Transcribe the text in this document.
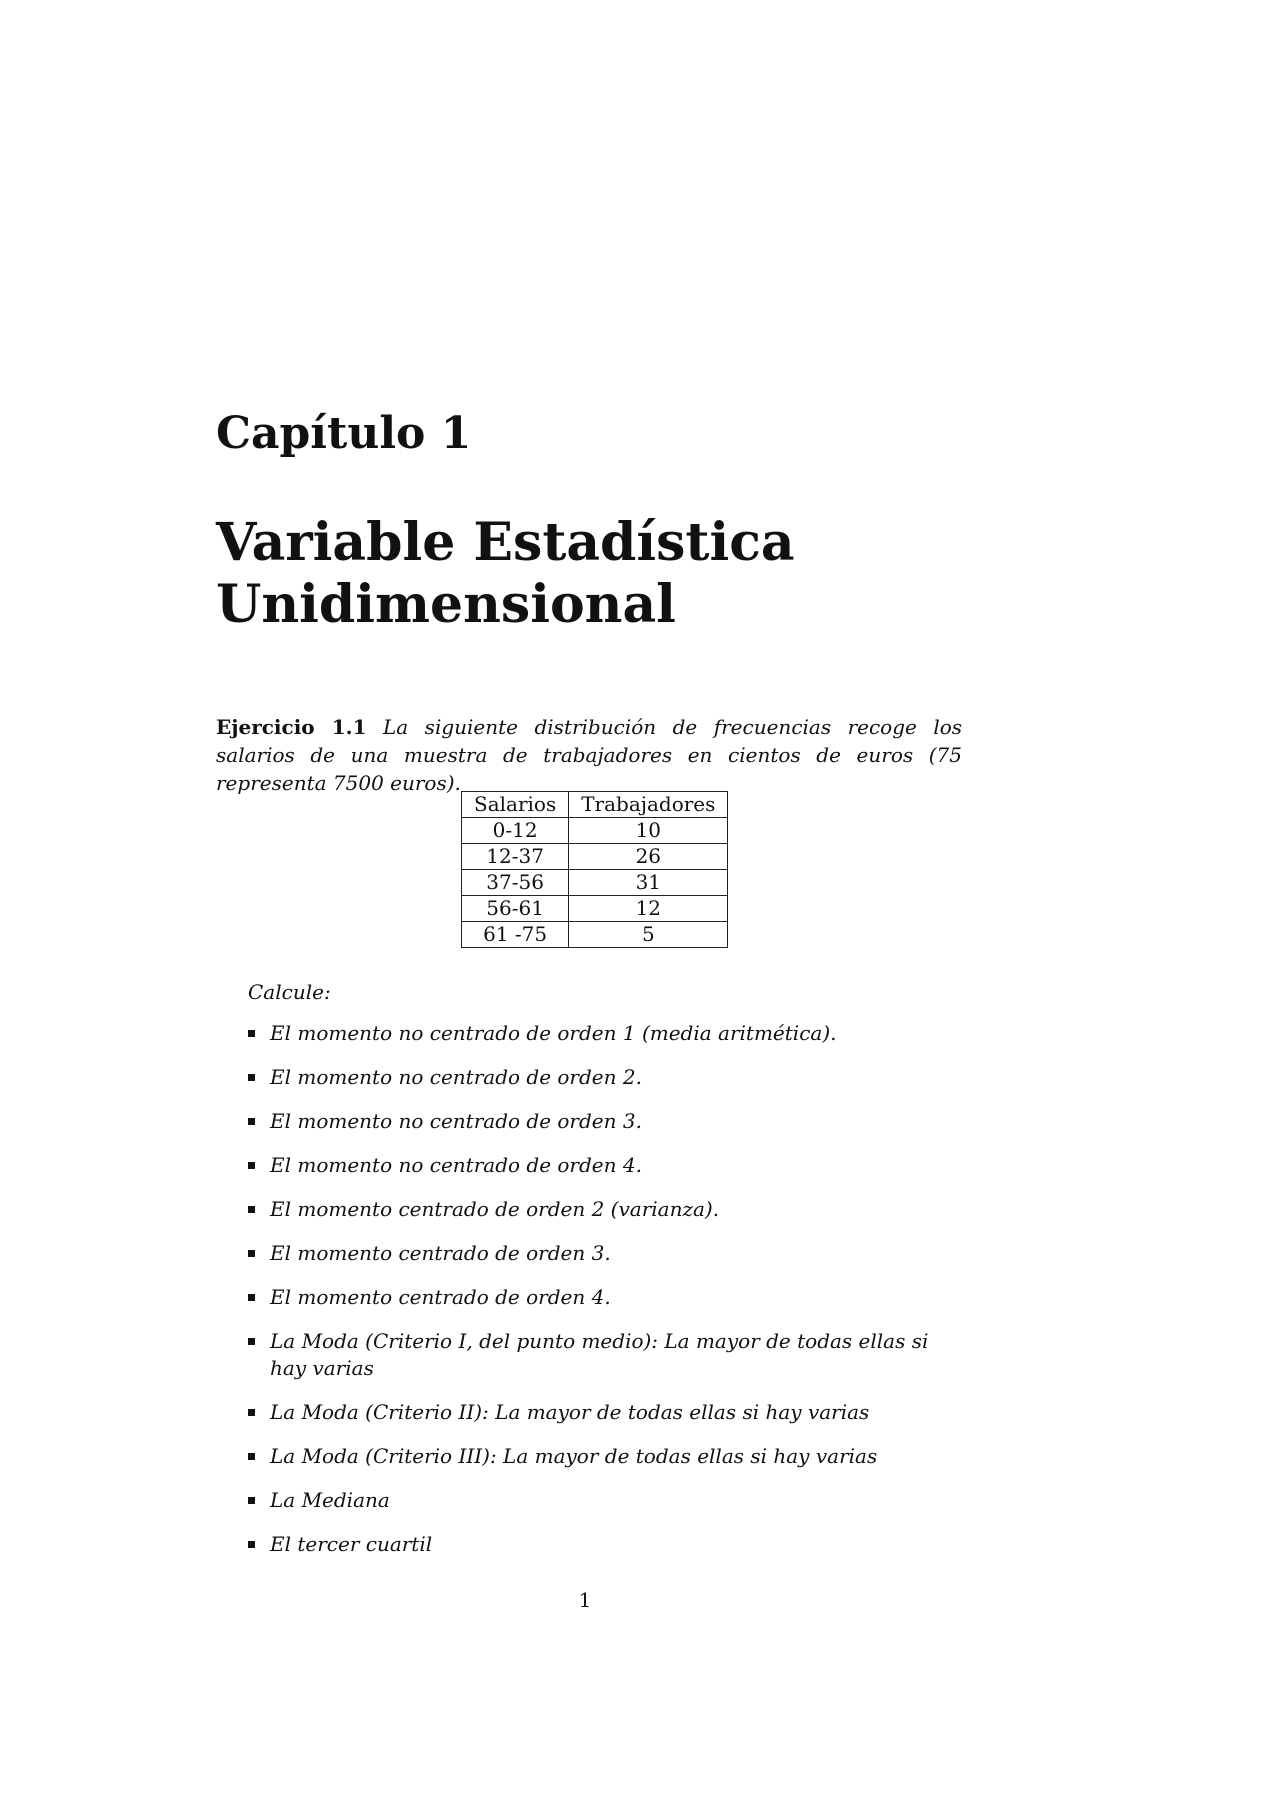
Capítulo 1
Variable Estadística
Unidimensional
Ejercicio 1.1 La siguiente distribución de frecuencias recoge los salarios de una muestra de trabajadores en cientos de euros (75 representa 7500 euros).
Salarios	Trabajadores
0-12	10
12-37	26
37-56	31
56-61	12
61 -75	5
Calcule:
El momento no centrado de orden 1 (media aritmética).
El momento no centrado de orden 2.
El momento no centrado de orden 3.
El momento no centrado de orden 4.
El momento centrado de orden 2 (varianza).
El momento centrado de orden 3.
El momento centrado de orden 4.
La Moda (Criterio I, del punto medio): La mayor de todas ellas si hay varias
La Moda (Criterio II): La mayor de todas ellas si hay varias
La Moda (Criterio III): La mayor de todas ellas si hay varias
La Mediana
El tercer cuartil
1
